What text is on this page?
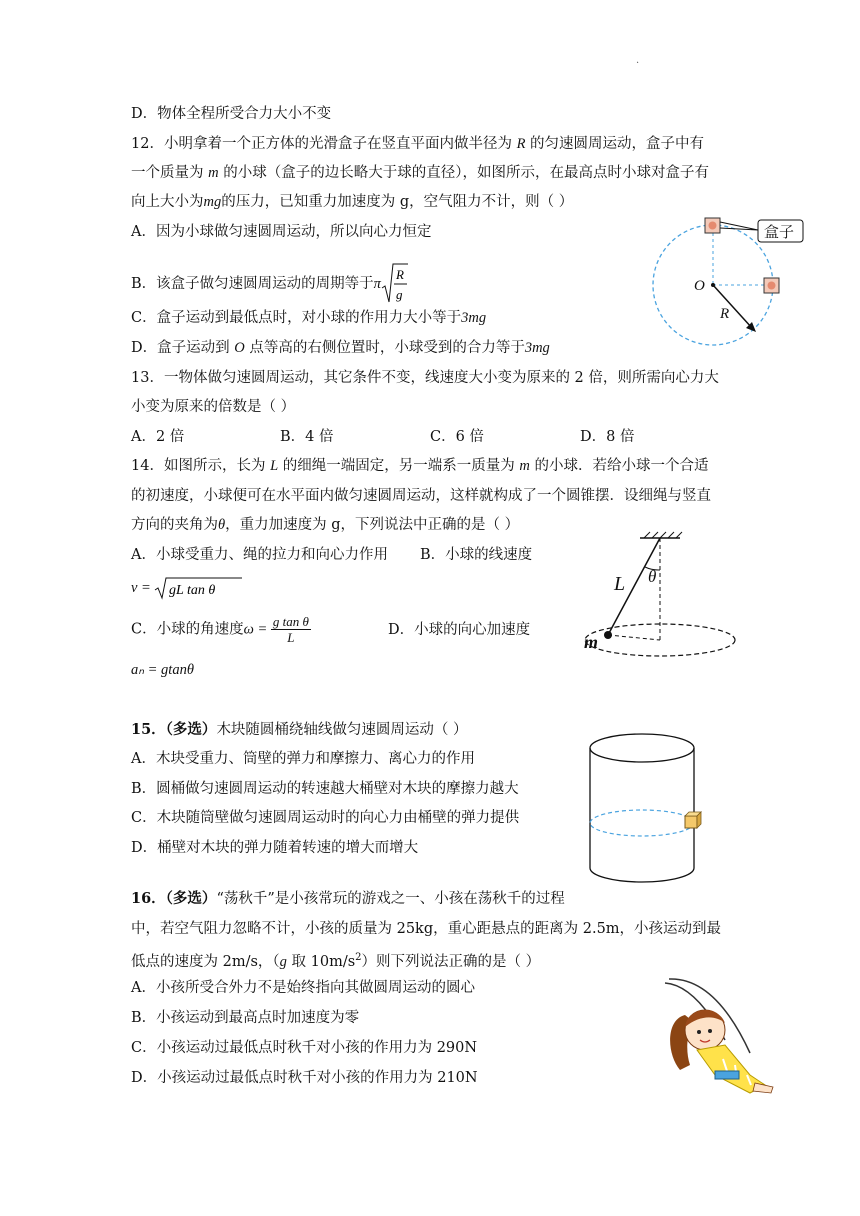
·
D．物体全程所受合力大小不变
12．小明拿着一个正方体的光滑盒子在竖直平面内做半径为 R 的匀速圆周运动，盒子中有
一个质量为 m 的小球（盒子的边长略大于球的直径），如图所示，在最高点时小球对盒子有
向上大小为mg的压力，已知重力加速度为 g，空气阻力不计，则（ ）
A．因为小球做匀速圆周运动，所以向心力恒定
B．该盒子做匀速圆周运动的周期等于π
R
g
C．盒子运动到最低点时，对小球的作用力大小等于3mg
D．盒子运动到 O 点等高的右侧位置时，小球受到的合力等于3mg
盒子
O
R
13．一物体做匀速圆周运动，其它条件不变，线速度大小变为原来的 2 倍，则所需向心力大
小变为原来的倍数是（ ）
A．2 倍	B．4 倍	C．6 倍	D．8 倍
14．如图所示，长为 L 的细绳一端固定，另一端系一质量为 m 的小球．若给小球一个合适
的初速度，小球便可在水平面内做匀速圆周运动，这样就构成了一个圆锥摆．设细绳与竖直
方向的夹角为θ，重力加速度为 g，下列说法中正确的是（ ）
A．小球受重力、绳的拉力和向心力作用 B．小球的线速度
v = gL tan θ
C．小球的角速度$\omega = \frac{\text{g tan θ}}{L}$	D．小球的向心加速度
aₙ = gtanθ
L θ
m
15．（多选）木块随圆桶绕轴线做匀速圆周运动（ ）
A．木块受重力、筒壁的弹力和摩擦力、离心力的作用
B．圆桶做匀速圆周运动的转速越大桶壁对木块的摩擦力越大
C．木块随筒壁做匀速圆周运动时的向心力由桶壁的弹力提供
D．桶壁对木块的弹力随着转速的增大而增大
16．（多选）“荡秋千”是小孩常玩的游戏之一、小孩在荡秋千的过程
中，若空气阻力忽略不计，小孩的质量为 25kg，重心距悬点的距离为 2.5m，小孩运动到最
低点的速度为 2m/s，（g 取 $10m/s^2$）则下列说法正确的是（ ）
A．小孩所受合外力不是始终指向其做圆周运动的圆心
B．小孩运动到最高点时加速度为零
C．小孩运动过最低点时秋千对小孩的作用力为 290N
D．小孩运动过最低点时秋千对小孩的作用力为 210N
